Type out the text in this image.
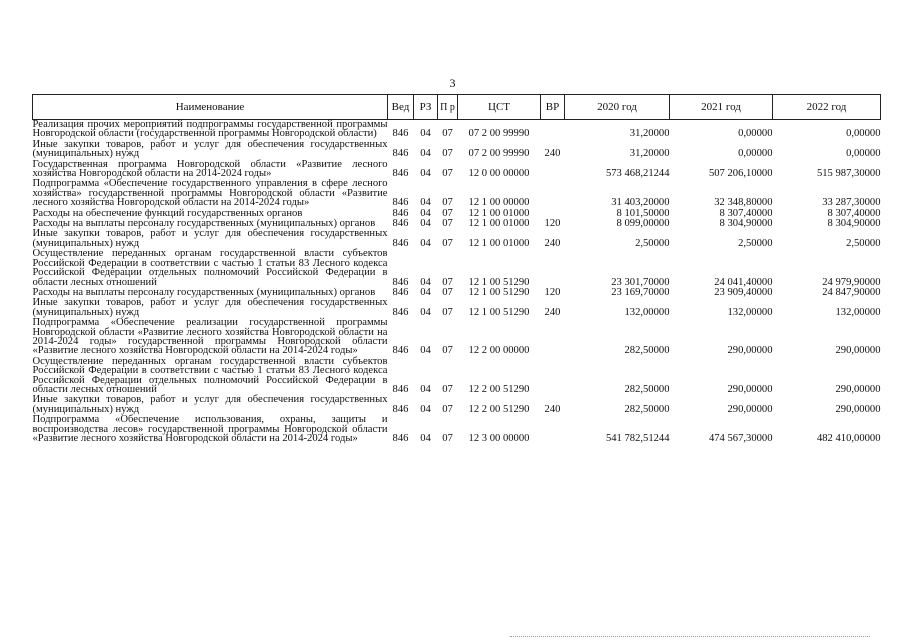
3
Наименование	Вед	РЗ	П р	ЦСТ	ВР	2020 год	2021 год	2022 год
Реализация прочих мероприятий подпрограммы государственной программы Новгородской области (государственной программы Новгородской области)	846	04	07	07 2 00 99990		31,20000	0,00000	0,00000
Иные закупки товаров, работ и услуг для обеспечения государственных (муниципальных) нужд	846	04	07	07 2 00 99990	240	31,20000	0,00000	0,00000
Государственная программа Новгородской области «Развитие лесного хозяйства Новгородской области на 2014-2024 годы»	846	04	07	12 0 00 00000		573 468,21244	507 206,10000	515 987,30000
Подпрограмма «Обеспечение государственного управления в сфере лесного хозяйства» государственной программы Новгородской области «Развитие лесного хозяйства Новгородской области на 2014-2024 годы»	846	04	07	12 1 00 00000		31 403,20000	32 348,80000	33 287,30000
Расходы на обеспечение функций государственных органов	846	04	07	12 1 00 01000		8 101,50000	8 307,40000	8 307,40000
Расходы на выплаты персоналу государственных (муниципальных) органов	846	04	07	12 1 00 01000	120	8 099,00000	8 304,90000	8 304,90000
Иные закупки товаров, работ и услуг для обеспечения государственных (муниципальных) нужд	846	04	07	12 1 00 01000	240	2,50000	2,50000	2,50000
Осуществление переданных органам государственной власти субъектов Российской Федерации в соответствии с частью 1 статьи 83 Лесного кодекса Российской Федерации отдельных полномочий Российской Федерации в области лесных отношений	846	04	07	12 1 00 51290		23 301,70000	24 041,40000	24 979,90000
Расходы на выплаты персоналу государственных (муниципальных) органов	846	04	07	12 1 00 51290	120	23 169,70000	23 909,40000	24 847,90000
Иные закупки товаров, работ и услуг для обеспечения государственных (муниципальных) нужд	846	04	07	12 1 00 51290	240	132,00000	132,00000	132,00000
Подпрограмма «Обеспечение реализации государственной программы Новгородской области «Развитие лесного хозяйства Новгородской области на 2014-2024 годы» государственной программы Новгородской области «Развитие лесного хозяйства Новгородской области на 2014-2024 годы»	846	04	07	12 2 00 00000		282,50000	290,00000	290,00000
Осуществление переданных органам государственной власти субъектов Российской Федерации в соответствии с частью 1 статьи 83 Лесного кодекса Российской Федерации отдельных полномочий Российской Федерации в области лесных отношений	846	04	07	12 2 00 51290		282,50000	290,00000	290,00000
Иные закупки товаров, работ и услуг для обеспечения государственных (муниципальных) нужд	846	04	07	12 2 00 51290	240	282,50000	290,00000	290,00000
Подпрограмма «Обеспечение использования, охраны, защиты и воспроизводства лесов» государственной программы Новгородской области «Развитие лесного хозяйства Новгородской области на 2014-2024 годы»	846	04	07	12 3 00 00000		541 782,51244	474 567,30000	482 410,00000
